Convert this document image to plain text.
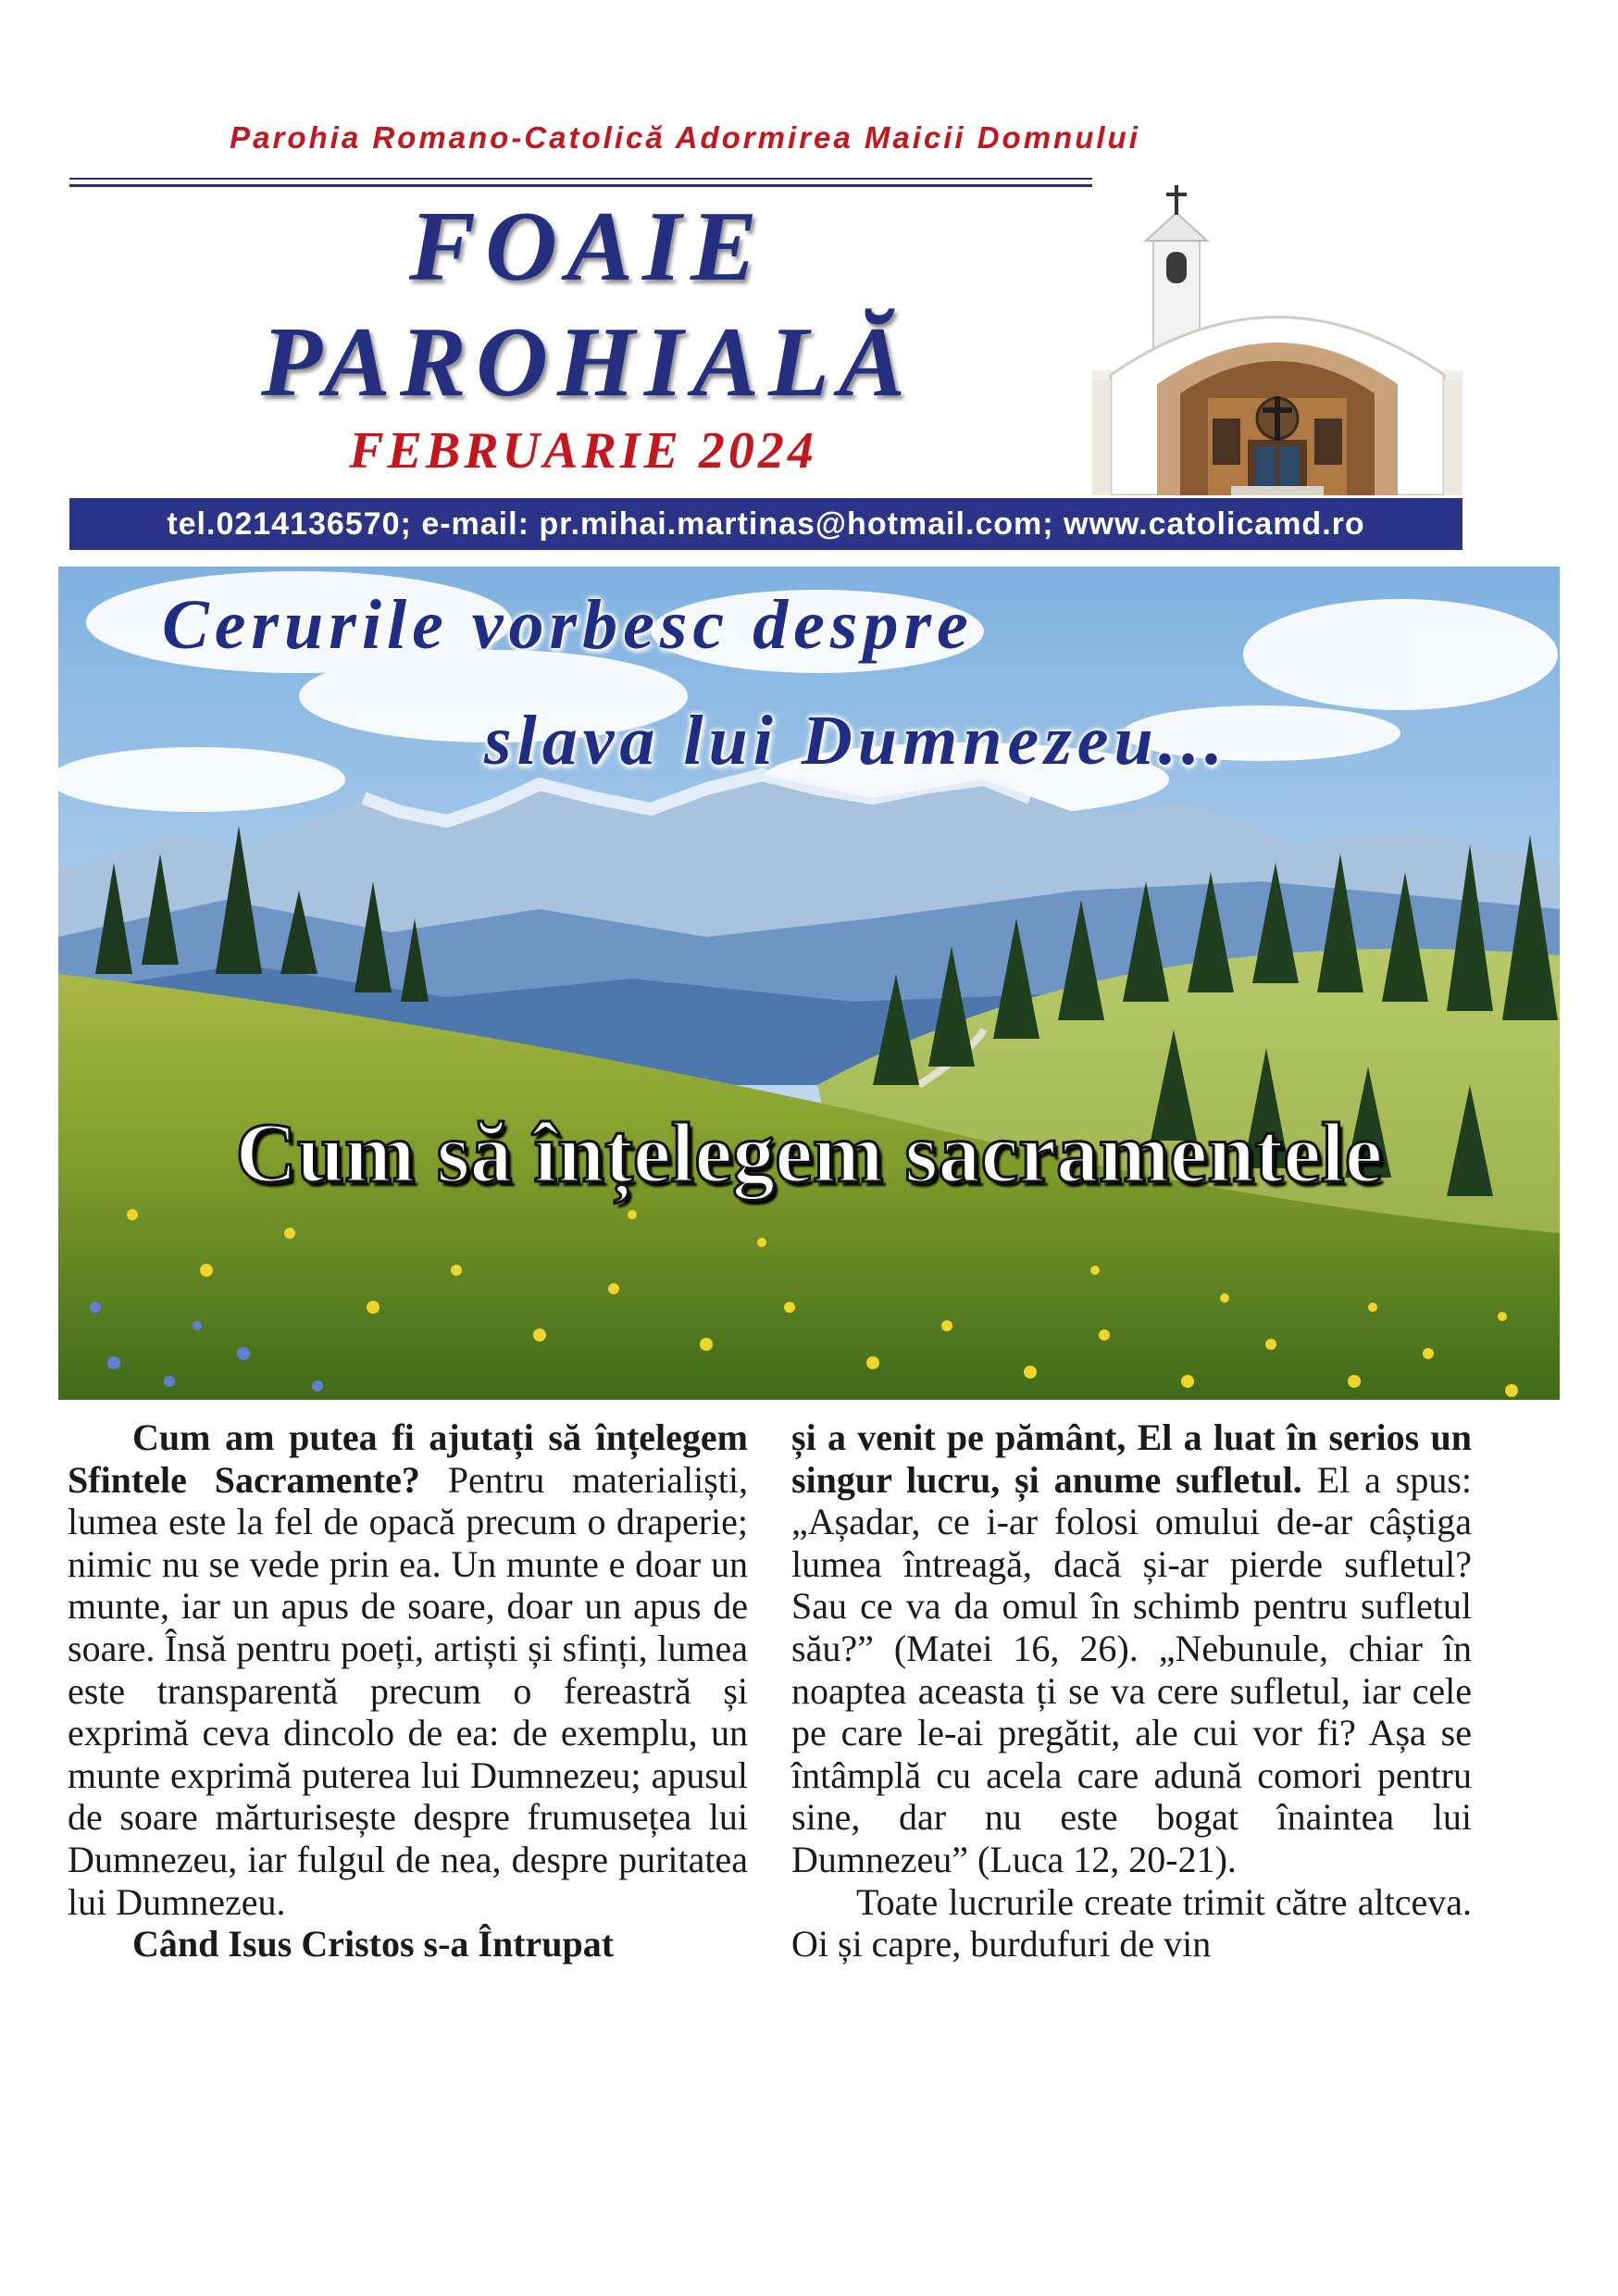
Parohia Romano-Catolică Adormirea Maicii Domnului
FOAIE
PAROHIALĂ
FEBRUARIE 2024
tel.0214136570; e-mail: pr.mihai.martinas@hotmail.com; www.catolicamd.ro
Cerurile vorbesc despre
slava lui Dumnezeu...
Cum să înțelegem sacramentele

Cum am putea fi ajutați să înțelegem Sfintele Sacramente? Pentru materialiști, lumea este la fel de opacă precum o draperie; nimic nu se vede prin ea. Un munte e doar un munte, iar un apus de soare, doar un apus de soare. Însă pentru poeți, artiști și sfinți, lumea este transparentă precum o fereastră și exprimă ceva dincolo de ea: de exemplu, un munte exprimă puterea lui Dumnezeu; apusul de soare mărturisește despre frumusețea lui Dumnezeu, iar fulgul de nea, despre puritatea lui Dumnezeu.

Când Isus Cristos s-a Întrupat

și a venit pe pământ, El a luat în serios un singur lucru, și anume sufletul. El a spus: „Așadar, ce i-ar folosi omului de-ar câștiga lumea întreagă, dacă și-ar pierde sufletul? Sau ce va da omul în schimb pentru sufletul său?” (Matei 16, 26). „Nebunule, chiar în noaptea aceasta ți se va cere sufletul, iar cele pe care le-ai pregătit, ale cui vor fi? Așa se întâmplă cu acela care adună comori pentru sine, dar nu este bogat înaintea lui Dumnezeu” (Luca 12, 20-21).

Toate lucrurile create trimit către altceva. Oi și capre, burdufuri de vin
